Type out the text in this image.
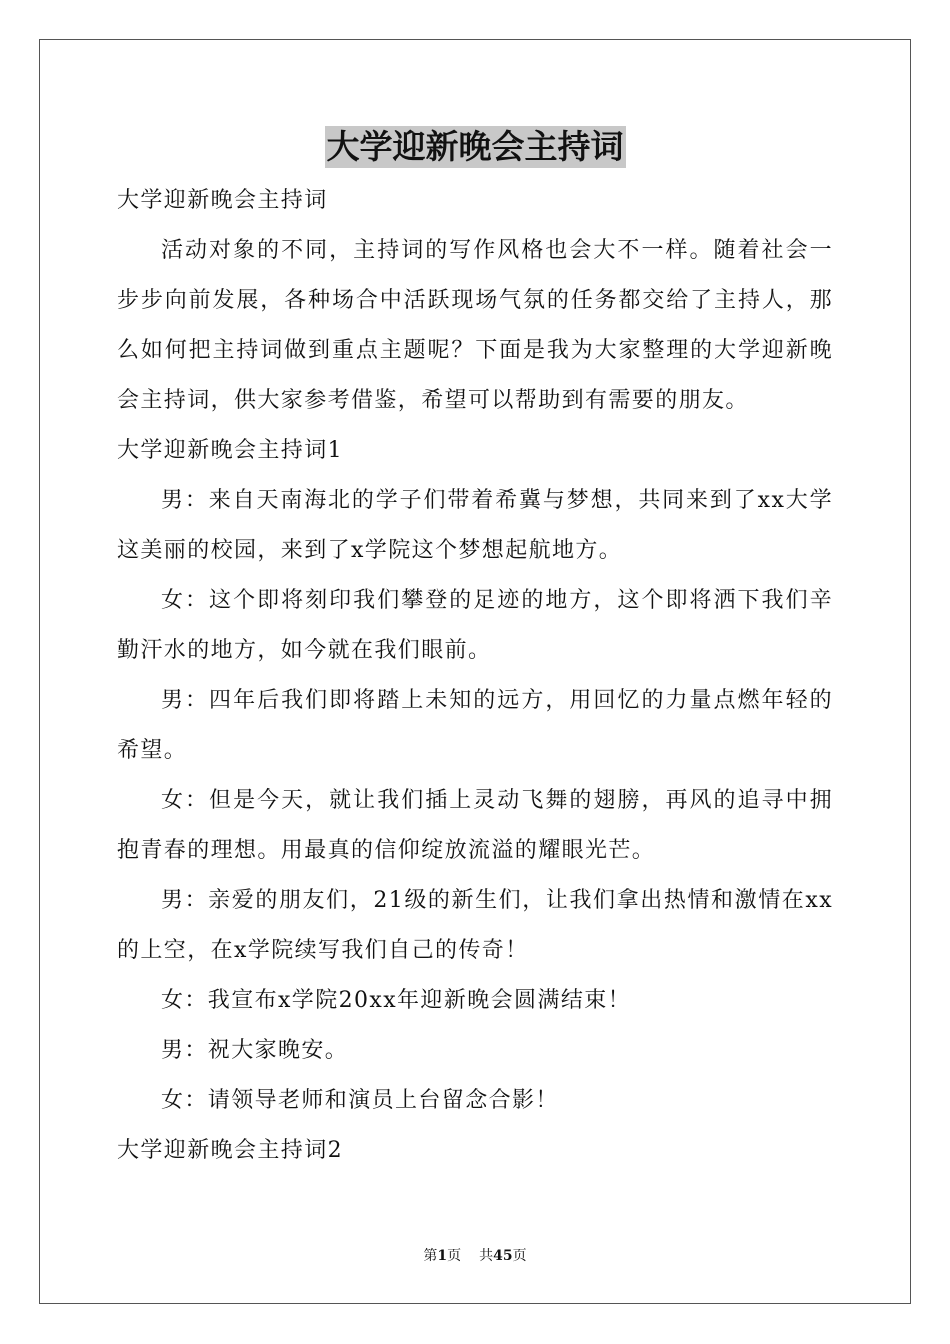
大学迎新晚会主持词

大学迎新晚会主持词

活动对象的不同，主持词的写作风格也会大不一样。随着社会一步步向前发展，各种场合中活跃现场气氛的任务都交给了主持人，那么如何把主持词做到重点主题呢？下面是我为大家整理的大学迎新晚会主持词，供大家参考借鉴，希望可以帮助到有需要的朋友。

大学迎新晚会主持词1

男：来自天南海北的学子们带着希冀与梦想，共同来到了xx大学这美丽的校园，来到了x学院这个梦想起航地方。

女：这个即将刻印我们攀登的足迹的地方，这个即将洒下我们辛勤汗水的地方，如今就在我们眼前。

男：四年后我们即将踏上未知的远方，用回忆的力量点燃年轻的希望。

女：但是今天，就让我们插上灵动飞舞的翅膀，再风的追寻中拥抱青春的理想。用最真的信仰绽放流溢的耀眼光芒。

男：亲爱的朋友们，21级的新生们，让我们拿出热情和激情在xx的上空，在x学院续写我们自己的传奇！

女：我宣布x学院20xx年迎新晚会圆满结束！

男：祝大家晚安。

女：请领导老师和演员上台留念合影！

大学迎新晚会主持词2

第1页 共45页
